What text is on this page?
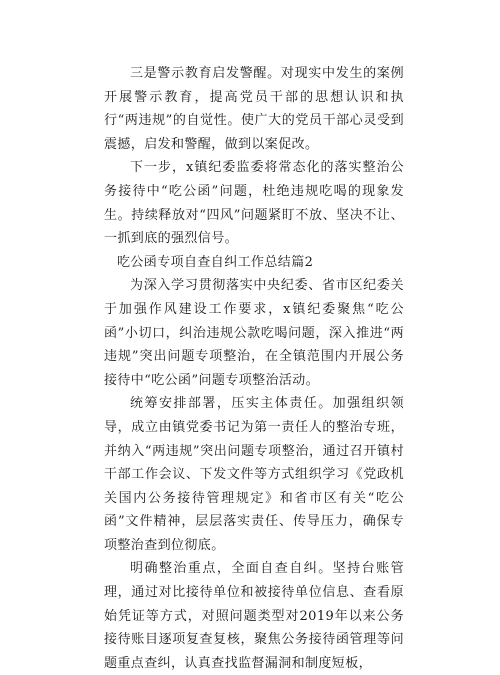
三是警示教育启发警醒。对现实中发生的案例开展警示教育，提高党员干部的思想认识和执行“两违规”的自觉性。使广大的党员干部心灵受到震撼，启发和警醒，做到以案促改。

下一步，x镇纪委监委将常态化的落实整治公务接待中“吃公函”问题，杜绝违规吃喝的现象发生。持续释放对“四风”问题紧盯不放、坚决不让、一抓到底的强烈信号。

吃公函专项自查自纠工作总结篇2

为深入学习贯彻落实中央纪委、省市区纪委关于加强作风建设工作要求，x镇纪委聚焦“吃公函”小切口，纠治违规公款吃喝问题，深入推进“两违规”突出问题专项整治，在全镇范围内开展公务接待中“吃公函”问题专项整治活动。

统筹安排部署，压实主体责任。加强组织领导，成立由镇党委书记为第一责任人的整治专班，并纳入“两违规”突出问题专项整治，通过召开镇村干部工作会议、下发文件等方式组织学习《党政机关国内公务接待管理规定》和省市区有关“吃公函”文件精神，层层落实责任、传导压力，确保专项整治查到位彻底。

明确整治重点，全面自查自纠。坚持台账管理，通过对比接待单位和被接待单位信息、查看原始凭证等方式，对照问题类型对2019年以来公务接待账目逐项复查复核，聚焦公务接待函管理等问题重点查纠，认真查找监督漏洞和制度短板，
